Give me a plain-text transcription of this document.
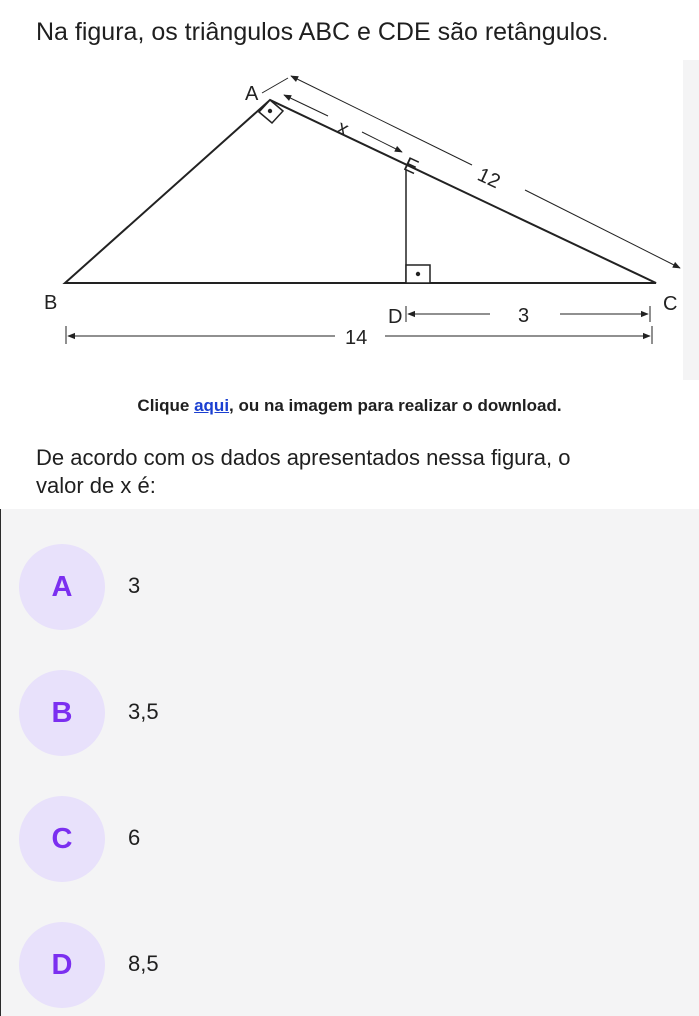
Na figura, os triângulos ABC e CDE são retângulos.
A
B	C
D
E
x
12
3
14
Clique aqui, ou na imagem para realizar o download.
De acordo com os dados apresentados nessa figura, o
valor de x é:
A	3
B	3,5
C	6
D	8,5
